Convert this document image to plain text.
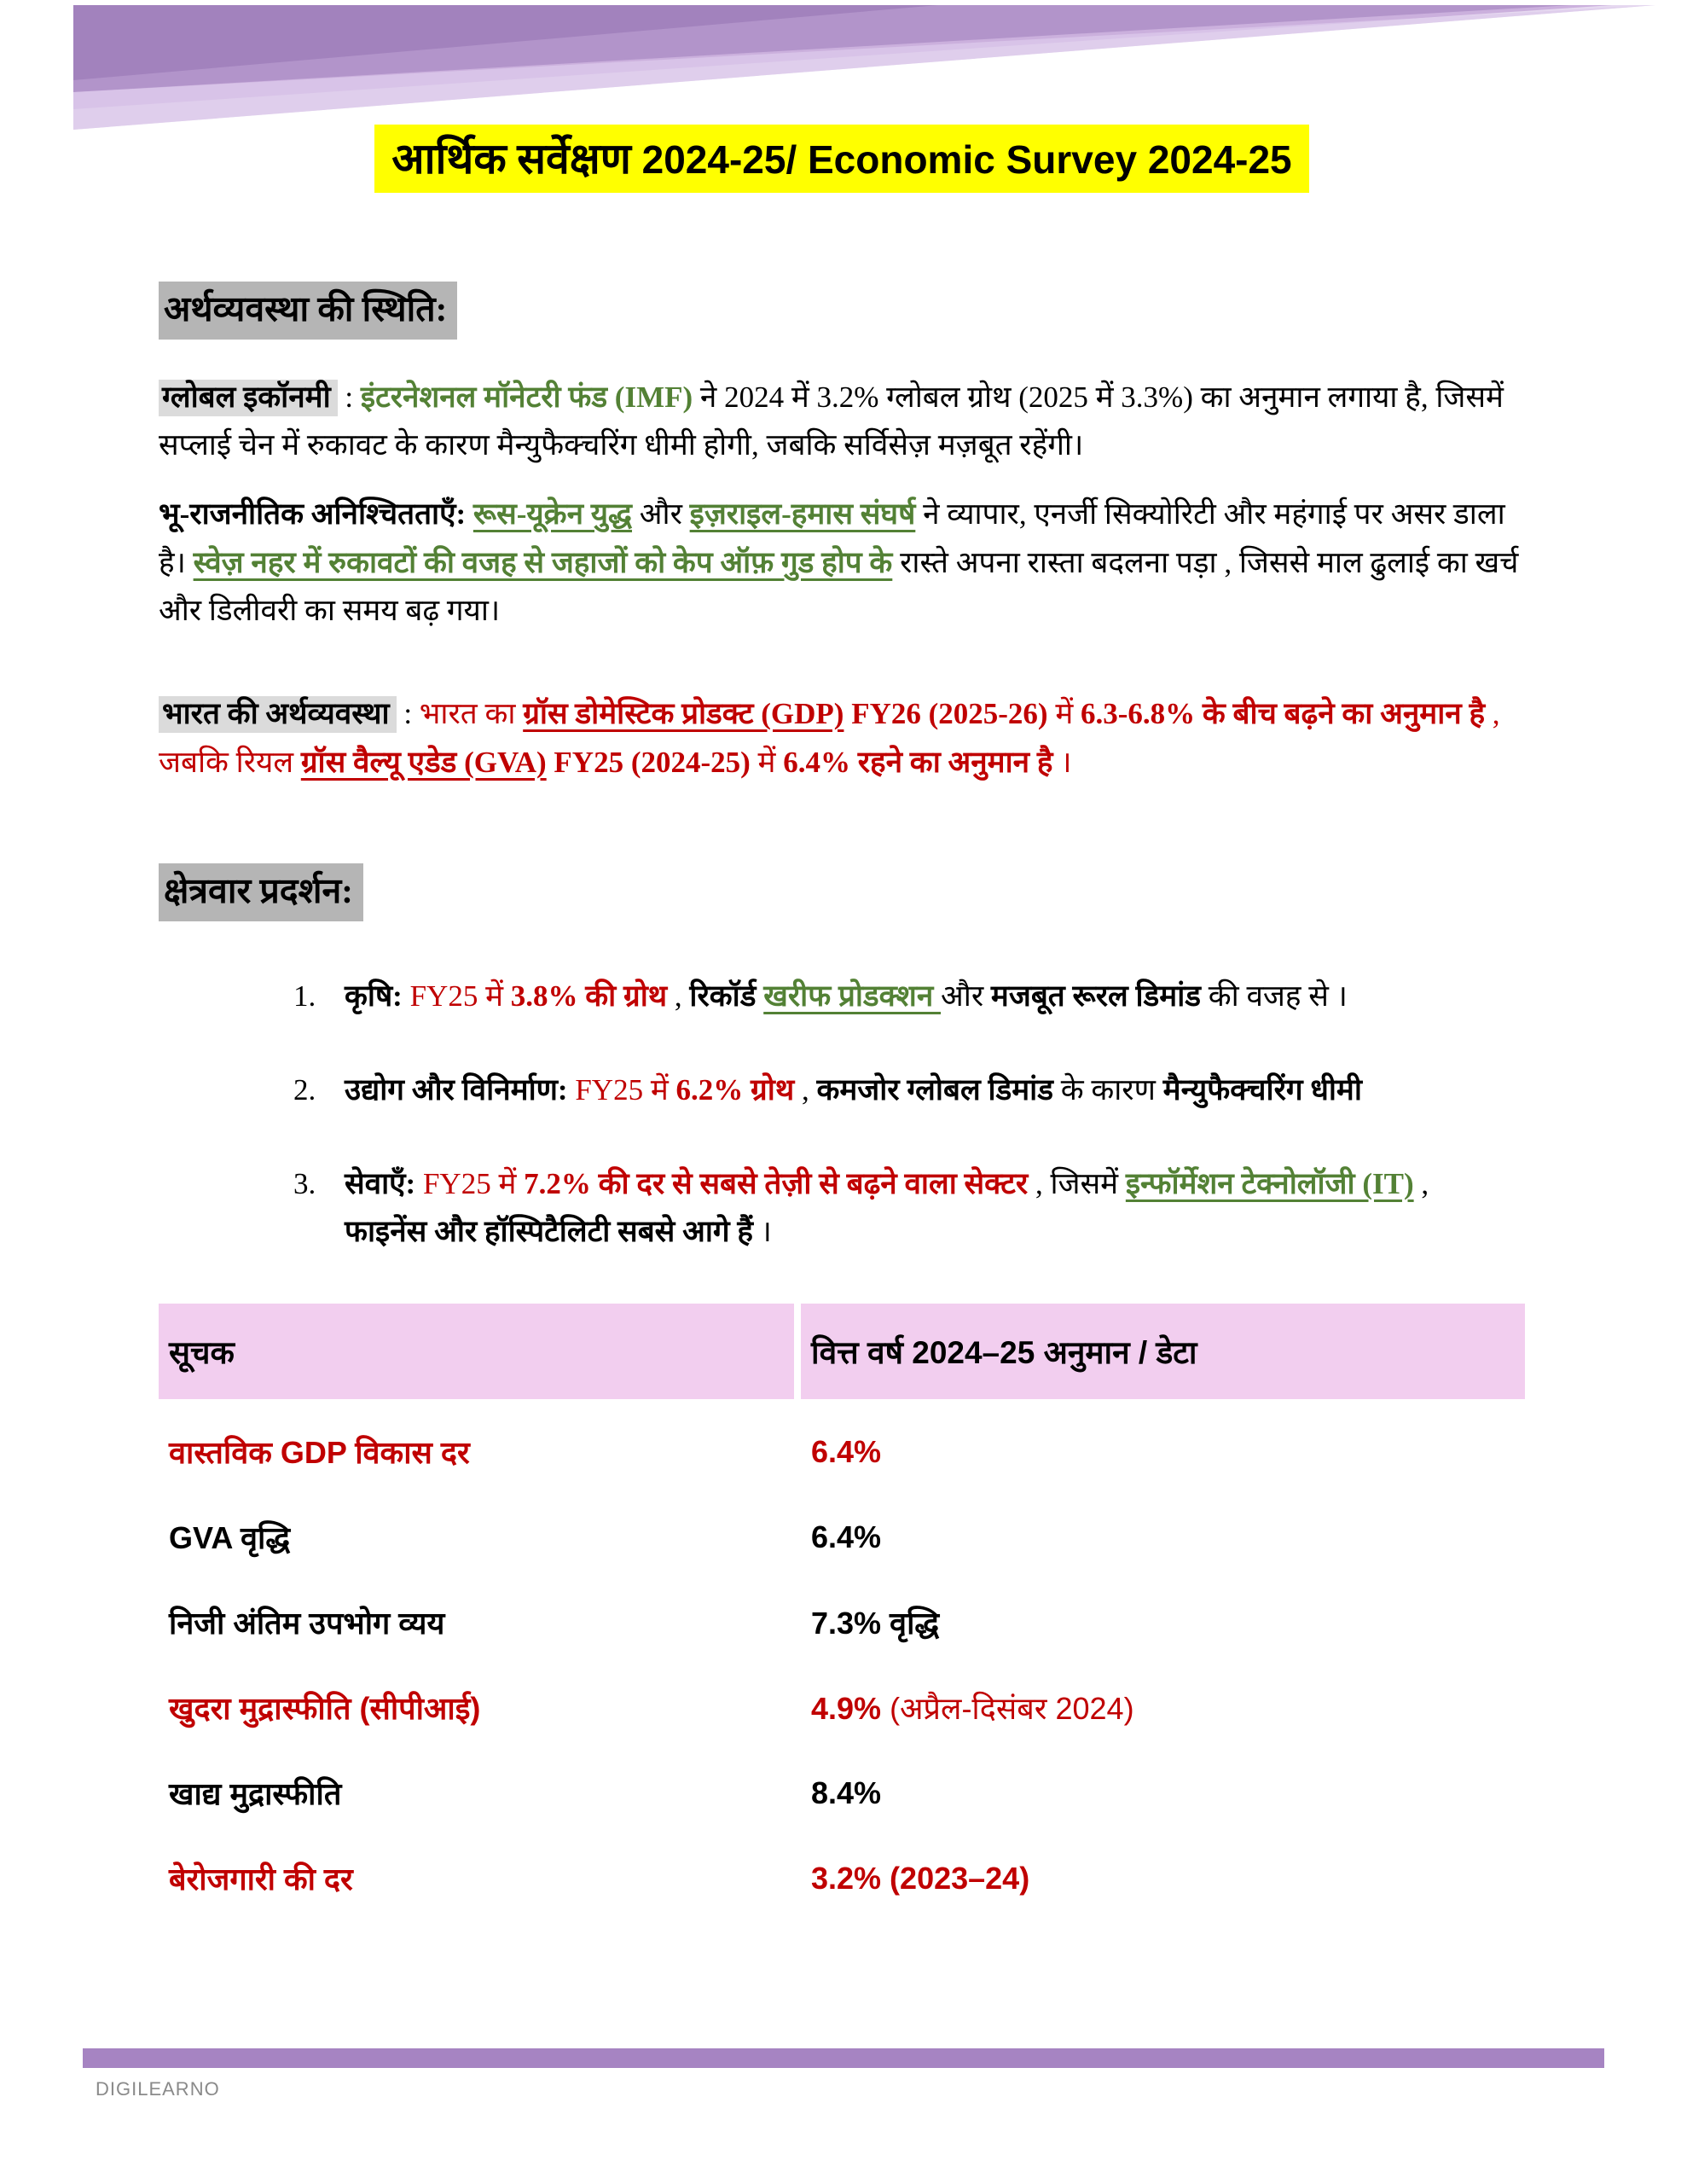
आर्थिक सर्वेक्षण 2024-25/ Economic Survey 2024-25
अर्थव्यवस्था की स्थिति:

ग्लोबल इकॉनमी : इंटरनेशनल मॉनेटरी फंड (IMF) ने 2024 में 3.2% ग्लोबल ग्रोथ (2025 में 3.3%) का अनुमान लगाया है, जिसमें सप्लाई चेन में रुकावट के कारण मैन्युफैक्चरिंग धीमी होगी, जबकि सर्विसेज़ मज़बूत रहेंगी।

भू-राजनीतिक अनिश्चितताएँ: रूस-यूक्रेन युद्ध और इज़राइल-हमास संघर्ष ने व्यापार, एनर्जी सिक्योरिटी और महंगाई पर असर डाला है। स्वेज़ नहर में रुकावटों की वजह से जहाजों को केप ऑफ़ गुड होप के रास्ते अपना रास्ता बदलना पड़ा , जिससे माल ढुलाई का खर्च और डिलीवरी का समय बढ़ गया।

भारत की अर्थव्यवस्था : भारत का ग्रॉस डोमेस्टिक प्रोडक्ट (GDP) FY26 (2025-26) में 6.3-6.8% के बीच बढ़ने का अनुमान है , जबकि रियल ग्रॉस वैल्यू एडेड (GVA) FY25 (2024-25) में 6.4% रहने का अनुमान है ।

क्षेत्रवार प्रदर्शन:
1. कृषि: FY25 में 3.8% की ग्रोथ , रिकॉर्ड खरीफ प्रोडक्शन और मजबूत रूरल डिमांड की वजह से ।
2. उद्योग और विनिर्माण: FY25 में 6.2% ग्रोथ , कमजोर ग्लोबल डिमांड के कारण मैन्युफैक्चरिंग धीमी
3. सेवाएँ: FY25 में 7.2% की दर से सबसे तेज़ी से बढ़ने वाला सेक्टर , जिसमें इन्फॉर्मेशन टेक्नोलॉजी (IT) , फाइनेंस और हॉस्पिटैलिटी सबसे आगे हैं ।
सूचक	वित्त वर्ष 2024–25 अनुमान / डेटा
वास्तविक GDP विकास दर	6.4%
GVA वृद्धि	6.4%
निजी अंतिम उपभोग व्यय	7.3% वृद्धि
खुदरा मुद्रास्फीति (सीपीआई)	4.9% (अप्रैल-दिसंबर 2024)
खाद्य मुद्रास्फीति	8.4%
बेरोजगारी की दर	3.2% (2023–24)
DIGILEARNO
